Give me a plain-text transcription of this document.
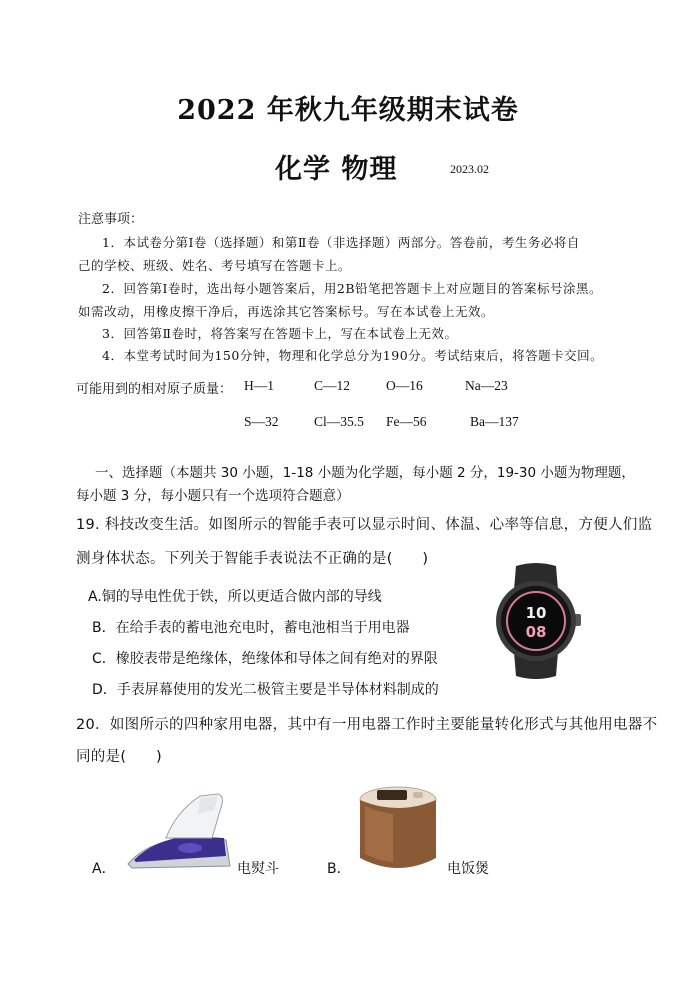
2022 年秋九年级期末试卷
化学 物理	2023.02
注意事项：
1．本试卷分第Ⅰ卷（选择题）和第Ⅱ卷（非选择题）两部分。答卷前，考生务必将自
己的学校、班级、姓名、考号填写在答题卡上。
2．回答第Ⅰ卷时，选出每小题答案后，用2B铅笔把答题卡上对应题目的答案标号涂黑。
如需改动，用橡皮擦干净后，再选涂其它答案标号。写在本试卷上无效。
3．回答第Ⅱ卷时，将答案写在答题卡上，写在本试卷上无效。
4．本堂考试时间为150分钟，物理和化学总分为190分。考试结束后，将答题卡交回。
可能用到的相对原子质量： H—1	C—12	O—16	Na—23
S—32	Cl—35.5 Fe—56	Ba—137
一、选择题（本题共 30 小题，1-18 小题为化学题，每小题 2 分，19-30 小题为物理题，
每小题 3 分，每小题只有一个选项符合题意）
19. 科技改变生活。如图所示的智能手表可以显示时间、体温、心率等信息，方便人们监
测身体状态。下列关于智能手表说法不正确的是(　　)
A.铜的导电性优于铁，所以更适合做内部的导线
B．在给手表的蓄电池充电时，蓄电池相当于用电器
C．橡胶表带是绝缘体，绝缘体和导体之间有绝对的界限
D．手表屏幕使用的发光二极管主要是半导体材料制成的
10
08
20．如图所示的四种家用电器，其中有一用电器工作时主要能量转化形式与其他用电器不
同的是(　　)
A．	电熨斗	B．	电饭煲
